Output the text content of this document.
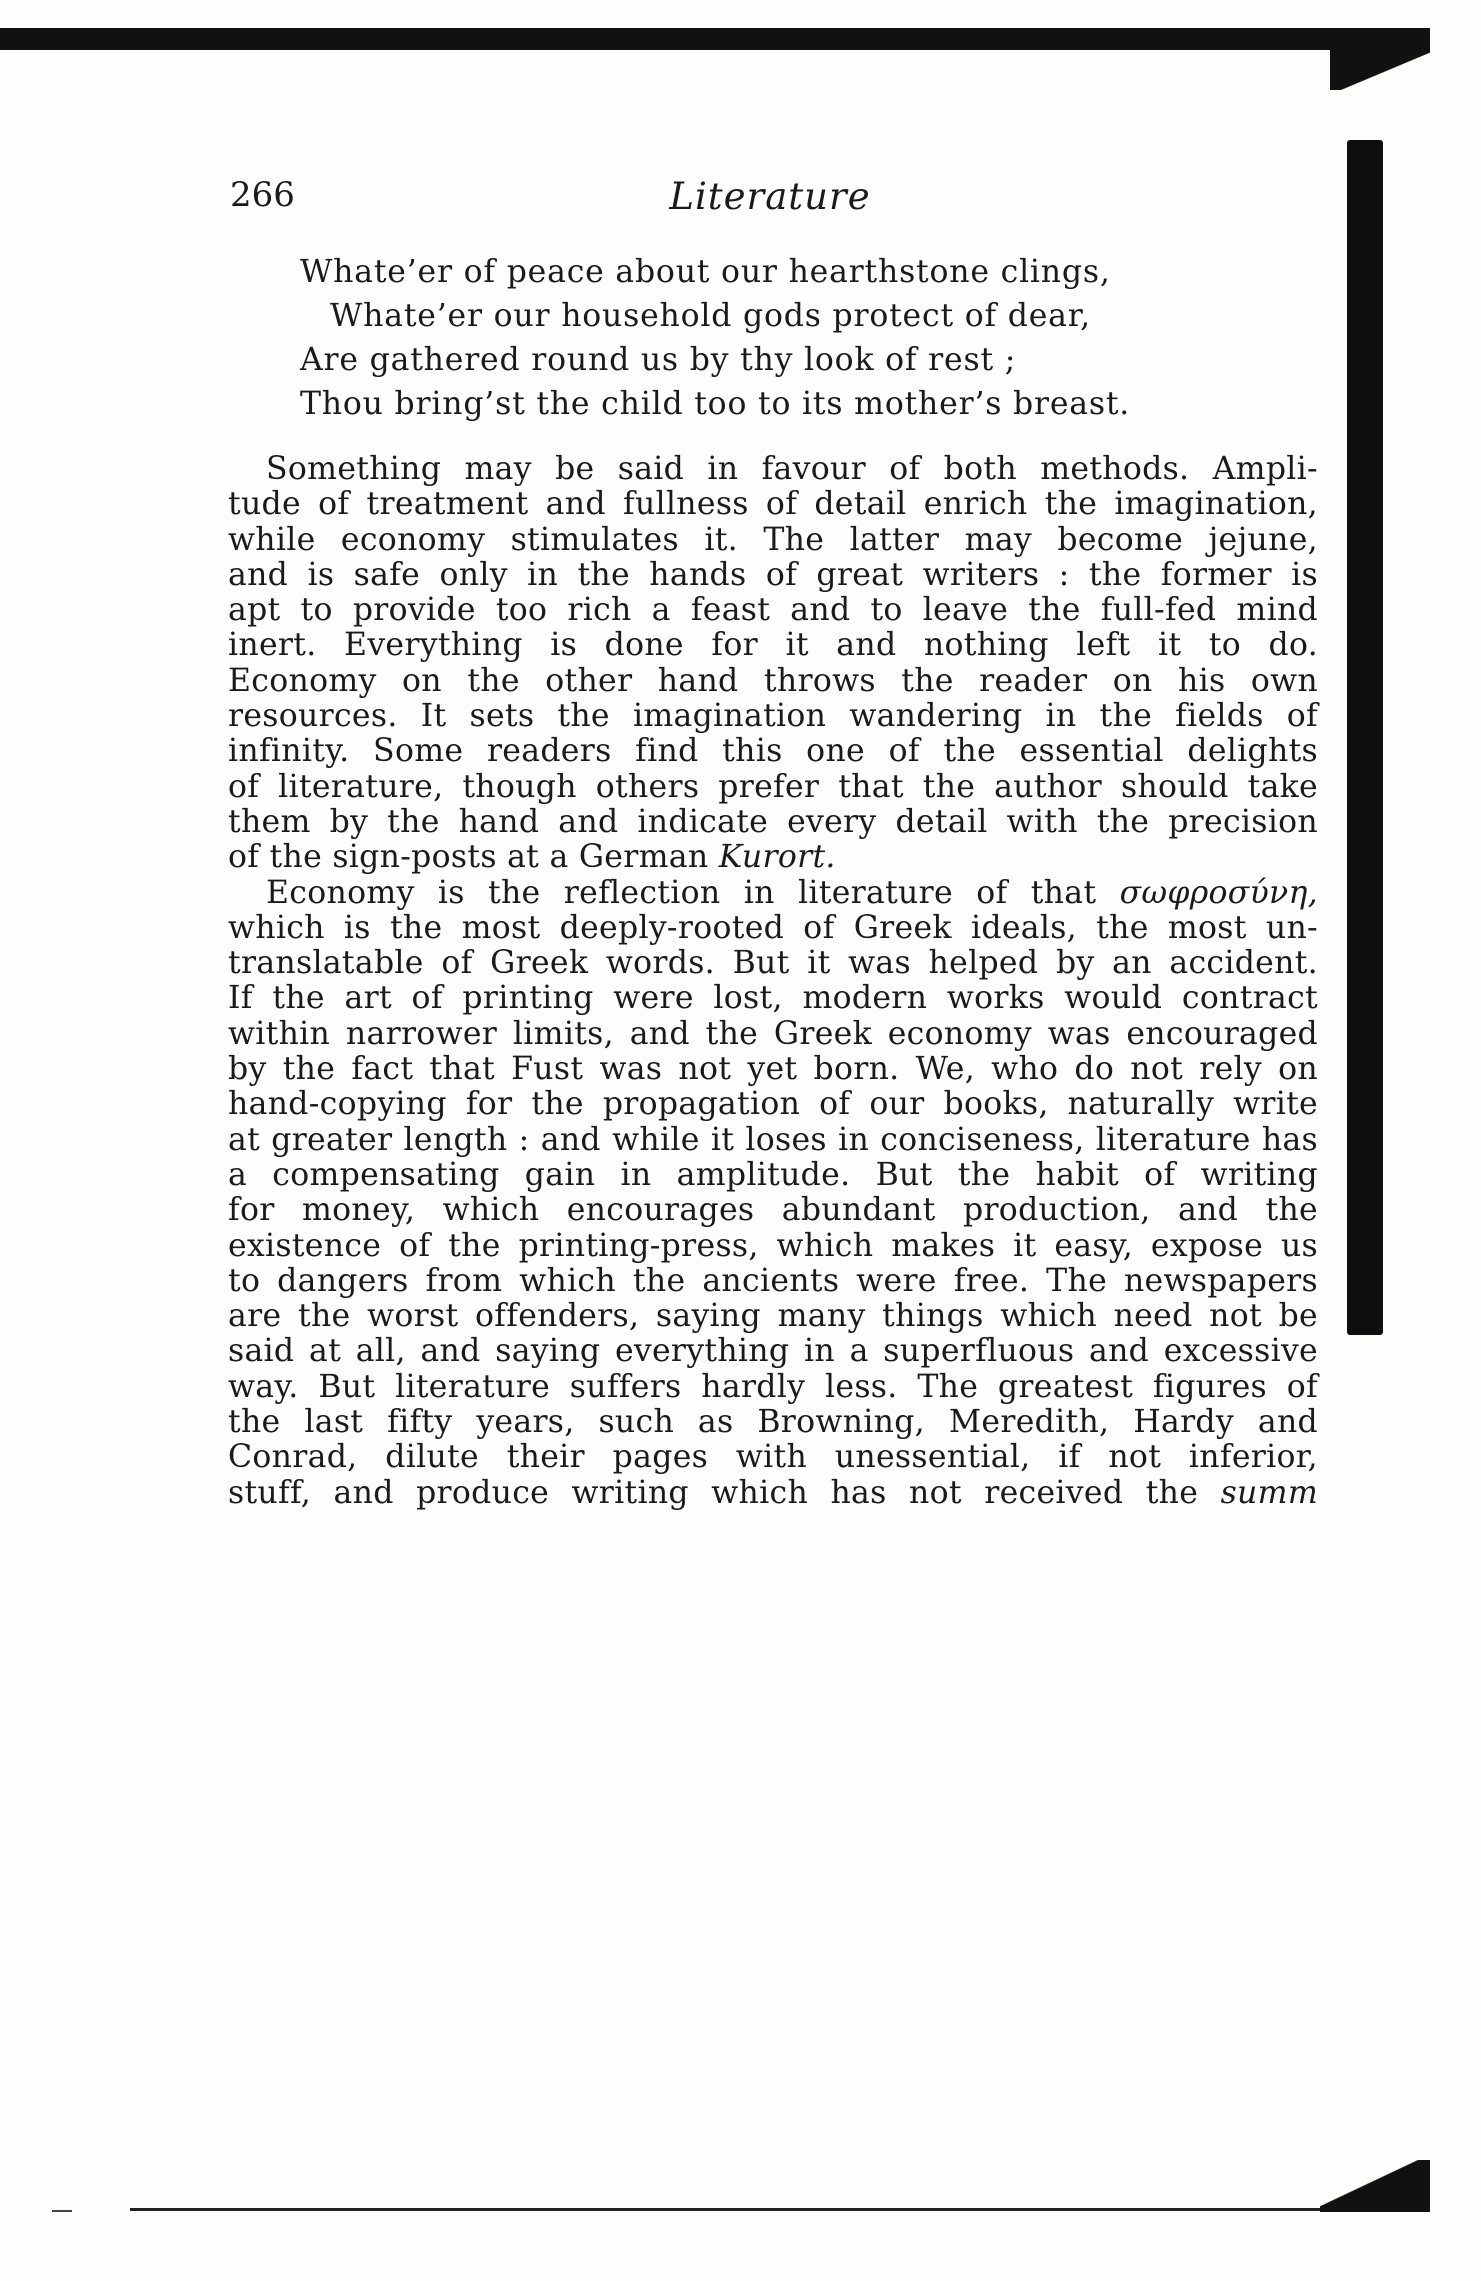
266	Literature
Whate’er of peace about our hearthstone clings,
Whate’er our household gods protect of dear,
Are gathered round us by thy look of rest ;
Thou bring’st the child too to its mother’s breast.
Something may be said in favour of both methods. Ampli-
tude of treatment and fullness of detail enrich the imagination,
while economy stimulates it. The latter may become jejune,
and is safe only in the hands of great writers : the former is
apt to provide too rich a feast and to leave the full-fed mind
inert. Everything is done for it and nothing left it to do.
Economy on the other hand throws the reader on his own
resources. It sets the imagination wandering in the fields of
infinity. Some readers find this one of the essential delights
of literature, though others prefer that the author should take
them by the hand and indicate every detail with the precision
of the sign-posts at a German Kurort.
Economy is the reflection in literature of that σωφροσύνη,
which is the most deeply-rooted of Greek ideals, the most un-
translatable of Greek words. But it was helped by an accident.
If the art of printing were lost, modern works would contract
within narrower limits, and the Greek economy was encouraged
by the fact that Fust was not yet born. We, who do not rely on
hand-copying for the propagation of our books, naturally write
at greater length : and while it loses in conciseness, literature has
a compensating gain in amplitude. But the habit of writing
for money, which encourages abundant production, and the
existence of the printing-press, which makes it easy, expose us
to dangers from which the ancients were free. The newspapers
are the worst offenders, saying many things which need not be
said at all, and saying everything in a superfluous and excessive
way. But literature suffers hardly less. The greatest figures of
the last fifty years, such as Browning, Meredith, Hardy and
Conrad, dilute their pages with unessential, if not inferior,
stuff, and produce writing which has not received the summ
